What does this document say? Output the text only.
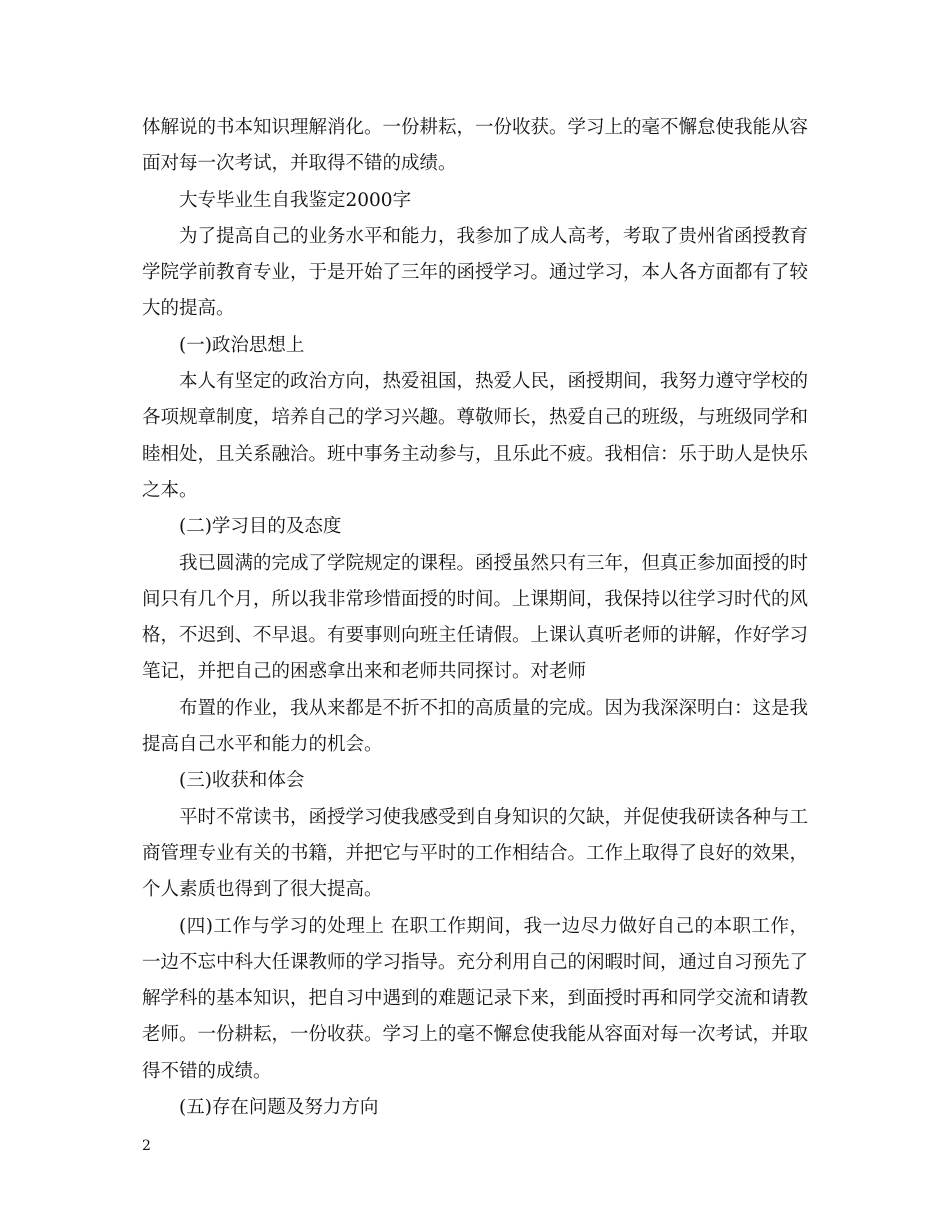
体解说的书本知识理解消化。一份耕耘，一份收获。学习上的毫不懈怠使我能从容面对每一次考试，并取得不错的成绩。

大专毕业生自我鉴定2000字

为了提高自己的业务水平和能力，我参加了成人高考，考取了贵州省函授教育学院学前教育专业，于是开始了三年的函授学习。通过学习，本人各方面都有了较大的提高。

(一)政治思想上

本人有坚定的政治方向，热爱祖国，热爱人民，函授期间，我努力遵守学校的各项规章制度，培养自己的学习兴趣。尊敬师长，热爱自己的班级，与班级同学和睦相处，且关系融洽。班中事务主动参与，且乐此不疲。我相信：乐于助人是快乐之本。

(二)学习目的及态度

我已圆满的完成了学院规定的课程。函授虽然只有三年，但真正参加面授的时间只有几个月，所以我非常珍惜面授的时间。上课期间，我保持以往学习时代的风格，不迟到、不早退。有要事则向班主任请假。上课认真听老师的讲解，作好学习笔记，并把自己的困惑拿出来和老师共同探讨。对老师

布置的作业，我从来都是不折不扣的高质量的完成。因为我深深明白：这是我提高自己水平和能力的机会。

(三)收获和体会

平时不常读书，函授学习使我感受到自身知识的欠缺，并促使我研读各种与工商管理专业有关的书籍，并把它与平时的工作相结合。工作上取得了良好的效果，个人素质也得到了很大提高。

(四)工作与学习的处理上 在职工作期间，我一边尽力做好自己的本职工作，一边不忘中科大任课教师的学习指导。充分利用自己的闲暇时间，通过自习预先了解学科的基本知识，把自习中遇到的难题记录下来，到面授时再和同学交流和请教老师。一份耕耘，一份收获。学习上的毫不懈怠使我能从容面对每一次考试，并取得不错的成绩。

(五)存在问题及努力方向

2
